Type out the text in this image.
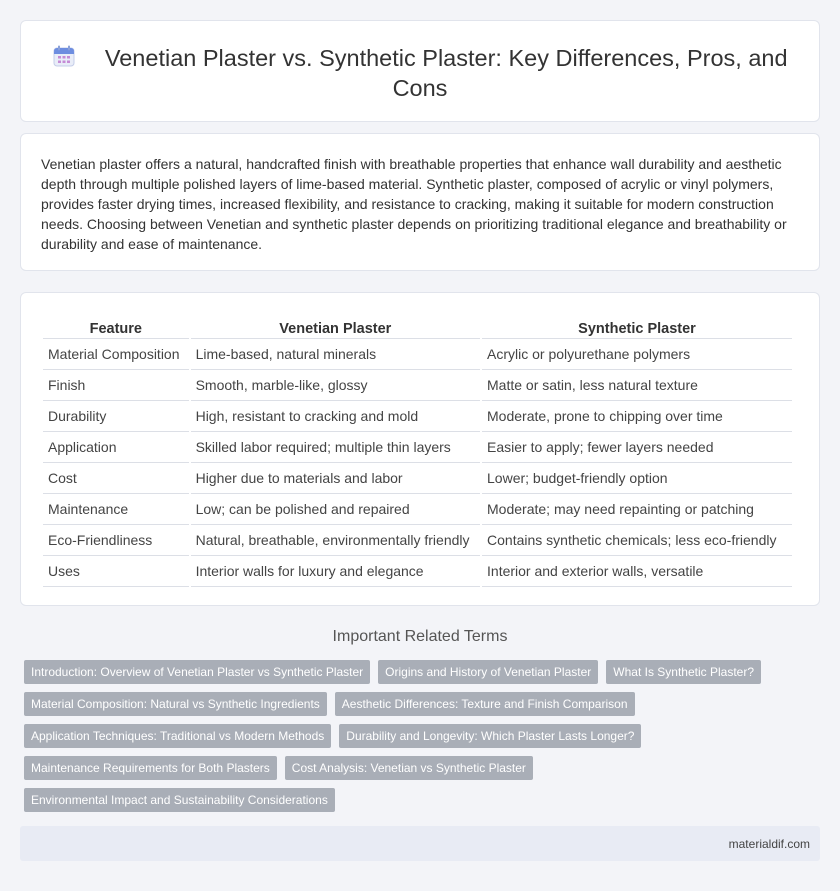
Venetian Plaster vs. Synthetic Plaster: Key Differences, Pros, and Cons

Venetian plaster offers a natural, handcrafted finish with breathable properties that enhance wall durability and aesthetic depth through multiple polished layers of lime-based material. Synthetic plaster, composed of acrylic or vinyl polymers, provides faster drying times, increased flexibility, and resistance to cracking, making it suitable for modern construction needs. Choosing between Venetian and synthetic plaster depends on prioritizing traditional elegance and breathability or durability and ease of maintenance.

Feature	Venetian Plaster	Synthetic Plaster
Material Composition	Lime-based, natural minerals	Acrylic or polyurethane polymers
Finish	Smooth, marble-like, glossy	Matte or satin, less natural texture
Durability	High, resistant to cracking and mold	Moderate, prone to chipping over time
Application	Skilled labor required; multiple thin layers	Easier to apply; fewer layers needed
Cost	Higher due to materials and labor	Lower; budget-friendly option
Maintenance	Low; can be polished and repaired	Moderate; may need repainting or patching
Eco-Friendliness	Natural, breathable, environmentally friendly	Contains synthetic chemicals; less eco-friendly
Uses	Interior walls for luxury and elegance	Interior and exterior walls, versatile
Important Related Terms
Introduction: Overview of Venetian Plaster vs Synthetic Plaster	Origins and History of Venetian Plaster	What Is Synthetic Plaster?
Material Composition: Natural vs Synthetic Ingredients	Aesthetic Differences: Texture and Finish Comparison
Application Techniques: Traditional vs Modern Methods	Durability and Longevity: Which Plaster Lasts Longer?
Maintenance Requirements for Both Plasters	Cost Analysis: Venetian vs Synthetic Plaster
Environmental Impact and Sustainability Considerations
materialdif.com
